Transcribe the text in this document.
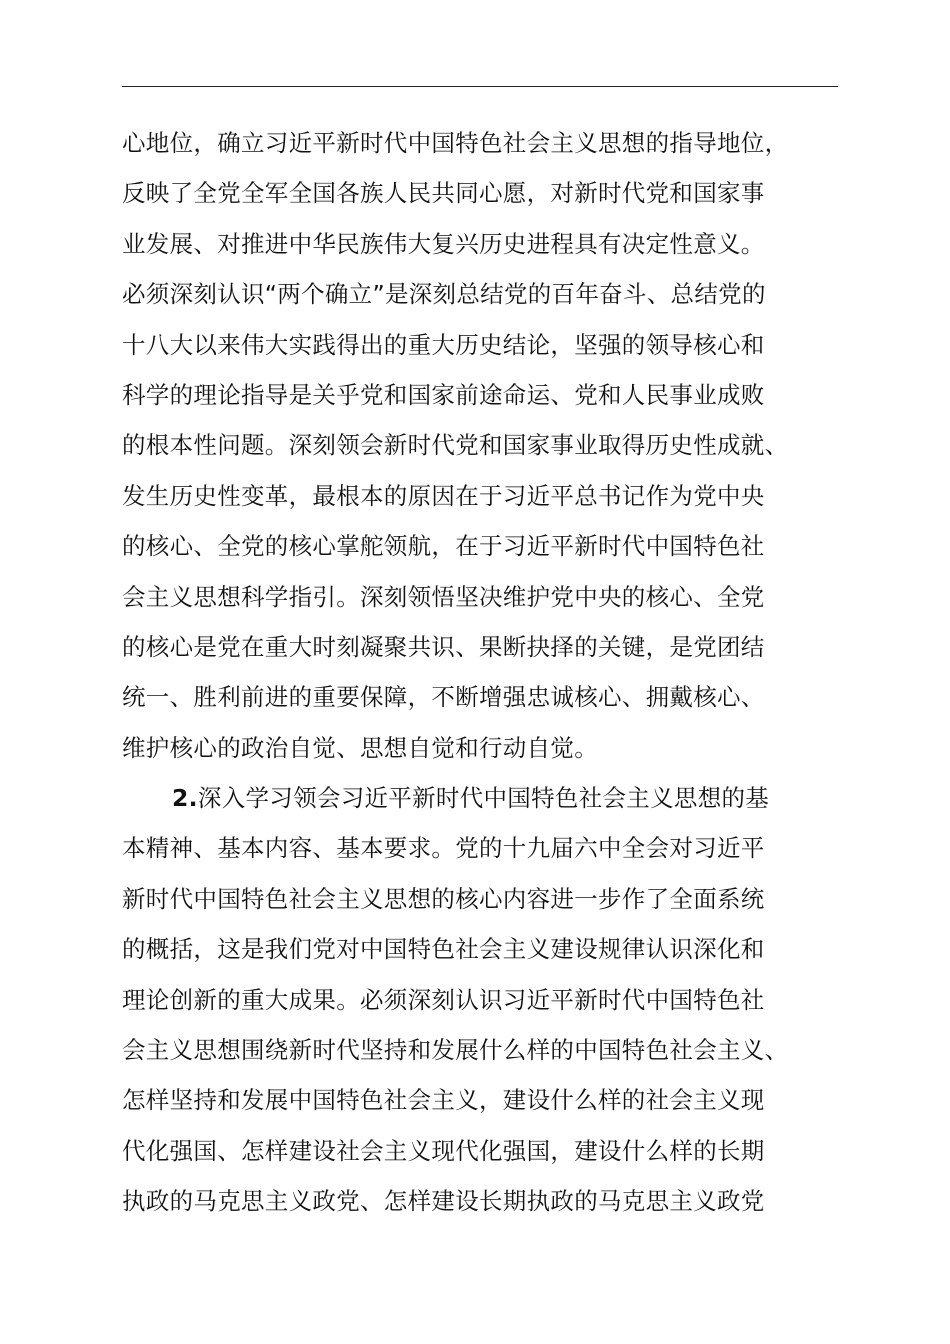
心地位，确立习近平新时代中国特色社会主义思想的指导地位，
反映了全党全军全国各族人民共同心愿，对新时代党和国家事
业发展、对推进中华民族伟大复兴历史进程具有决定性意义。
必须深刻认识“两个确立”是深刻总结党的百年奋斗、总结党的
十八大以来伟大实践得出的重大历史结论，坚强的领导核心和
科学的理论指导是关乎党和国家前途命运、党和人民事业成败
的根本性问题。深刻领会新时代党和国家事业取得历史性成就、
发生历史性变革，最根本的原因在于习近平总书记作为党中央
的核心、全党的核心掌舵领航，在于习近平新时代中国特色社
会主义思想科学指引。深刻领悟坚决维护党中央的核心、全党
的核心是党在重大时刻凝聚共识、果断抉择的关键，是党团结
统一、胜利前进的重要保障，不断增强忠诚核心、拥戴核心、
维护核心的政治自觉、思想自觉和行动自觉。
2.深入学习领会习近平新时代中国特色社会主义思想的基
本精神、基本内容、基本要求。党的十九届六中全会对习近平
新时代中国特色社会主义思想的核心内容进一步作了全面系统
的概括，这是我们党对中国特色社会主义建设规律认识深化和
理论创新的重大成果。必须深刻认识习近平新时代中国特色社
会主义思想围绕新时代坚持和发展什么样的中国特色社会主义、
怎样坚持和发展中国特色社会主义，建设什么样的社会主义现
代化强国、怎样建设社会主义现代化强国，建设什么样的长期
执政的马克思主义政党、怎样建设长期执政的马克思主义政党
